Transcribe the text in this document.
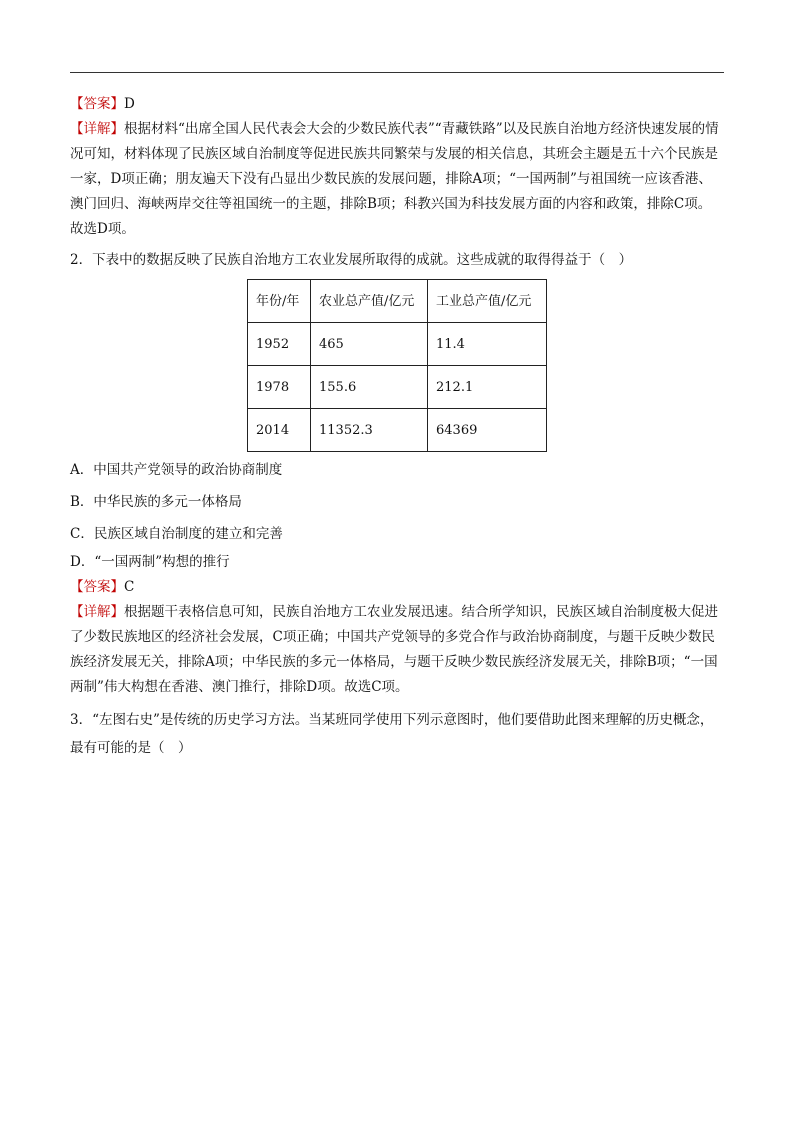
【答案】D

【详解】根据材料“出席全国人民代表会大会的少数民族代表”“青藏铁路”以及民族自治地方经济快速发展的情况可知，材料体现了民族区域自治制度等促进民族共同繁荣与发展的相关信息，其班会主题是五十六个民族是一家，D项正确；朋友遍天下没有凸显出少数民族的发展问题，排除A项；“一国两制”与祖国统一应该香港、澳门回归、海峡两岸交往等祖国统一的主题，排除B项；科教兴国为科技发展方面的内容和政策，排除C项。故选D项。

2．下表中的数据反映了民族自治地方工农业发展所取得的成就。这些成就的取得得益于（　）

年份/年	农业总产值/亿元	工业总产值/亿元
1952	465	11.4
1978	155.6	212.1
2014	11352.3	64369

A．中国共产党领导的政治协商制度

B．中华民族的多元一体格局

C．民族区域自治制度的建立和完善

D．“一国两制”构想的推行

【答案】C

【详解】根据题干表格信息可知，民族自治地方工农业发展迅速。结合所学知识，民族区域自治制度极大促进了少数民族地区的经济社会发展，C项正确；中国共产党领导的多党合作与政治协商制度，与题干反映少数民族经济发展无关，排除A项；中华民族的多元一体格局，与题干反映少数民族经济发展无关，排除B项；“一国两制”伟大构想在香港、澳门推行，排除D项。故选C项。

3．“左图右史”是传统的历史学习方法。当某班同学使用下列示意图时，他们要借助此图来理解的历史概念，最有可能的是（　）
